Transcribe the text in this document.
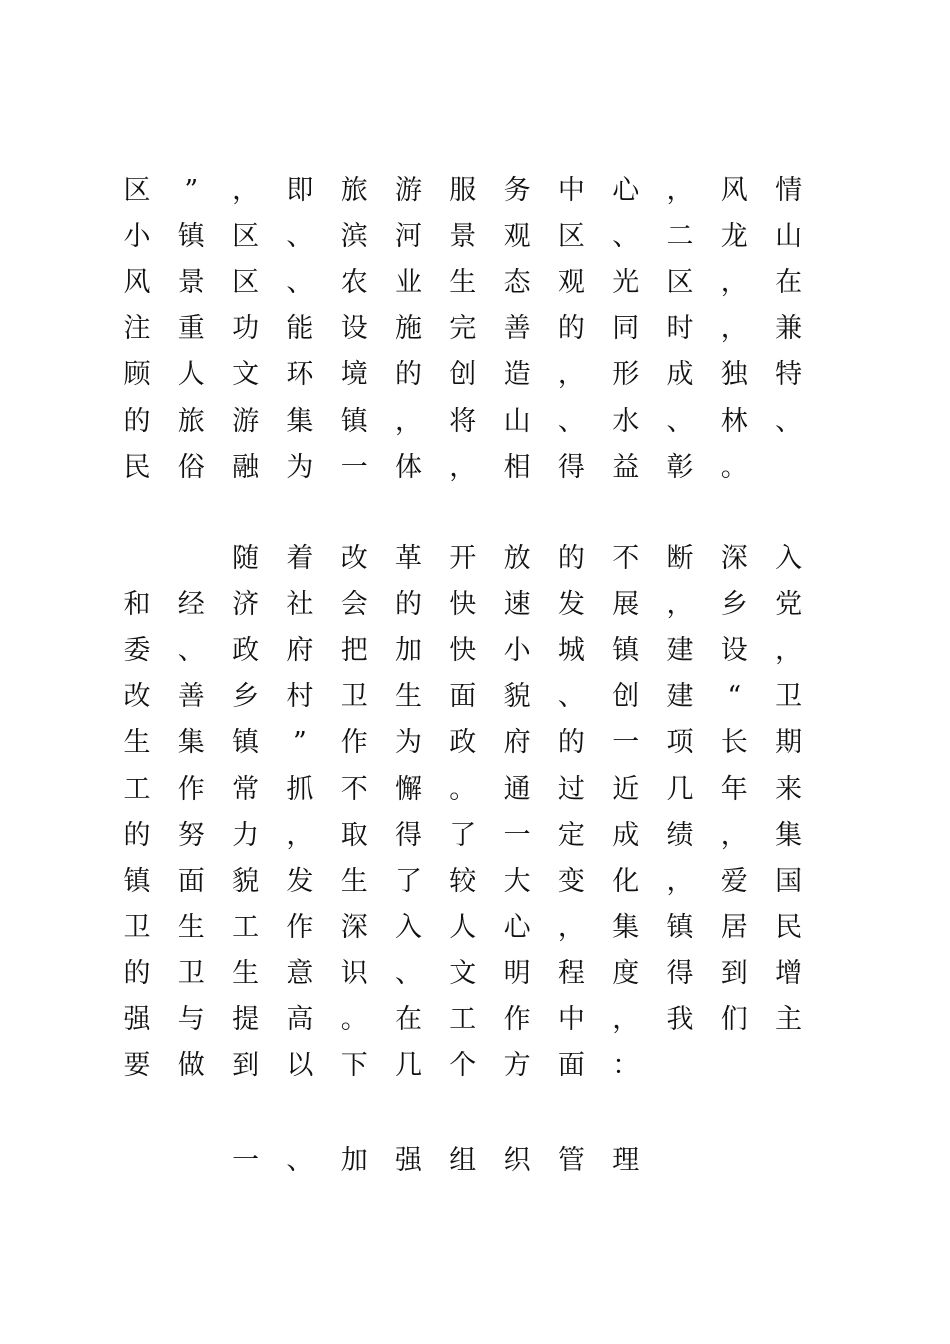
区	”	， 即 旅 游 服 务 中 心 ， 风 情
小 镇 区 、 滨 河 景 观 区 、 二 龙 山
风 景 区 、 农 业 生 态 观 光 区 ， 在
注 重 功 能 设 施 完 善 的 同 时 ， 兼
顾 人 文 环 境 的 创 造 ， 形 成 独 特
的 旅 游 集 镇 ， 将 山 、 水 、 林 、
民 俗 融 为 一 体 ， 相 得 益 彰 。
随 着 改 革 开 放 的 不 断 深 入
和 经 济 社 会 的 快 速 发 展 ， 乡 党
委 、 政 府 把 加 快 小 城 镇 建 设 ，
改 善 乡 村 卫 生 面 貌 、 创 建	“	卫
生 集 镇	”	作 为 政 府 的 一 项 长 期
工 作 常 抓 不 懈 。 通 过 近 几 年 来
的 努 力 ， 取 得 了 一 定 成 绩 ， 集
镇 面 貌 发 生 了 较 大 变 化 ， 爱 国
卫 生 工 作 深 入 人 心 ， 集 镇 居 民
的 卫 生 意 识 、 文 明 程 度 得 到 增
强 与 提 高 。 在 工 作 中 ， 我 们 主
要 做 到 以 下 几 个 方 面 ：
一 、 加 强 组 织 管 理
